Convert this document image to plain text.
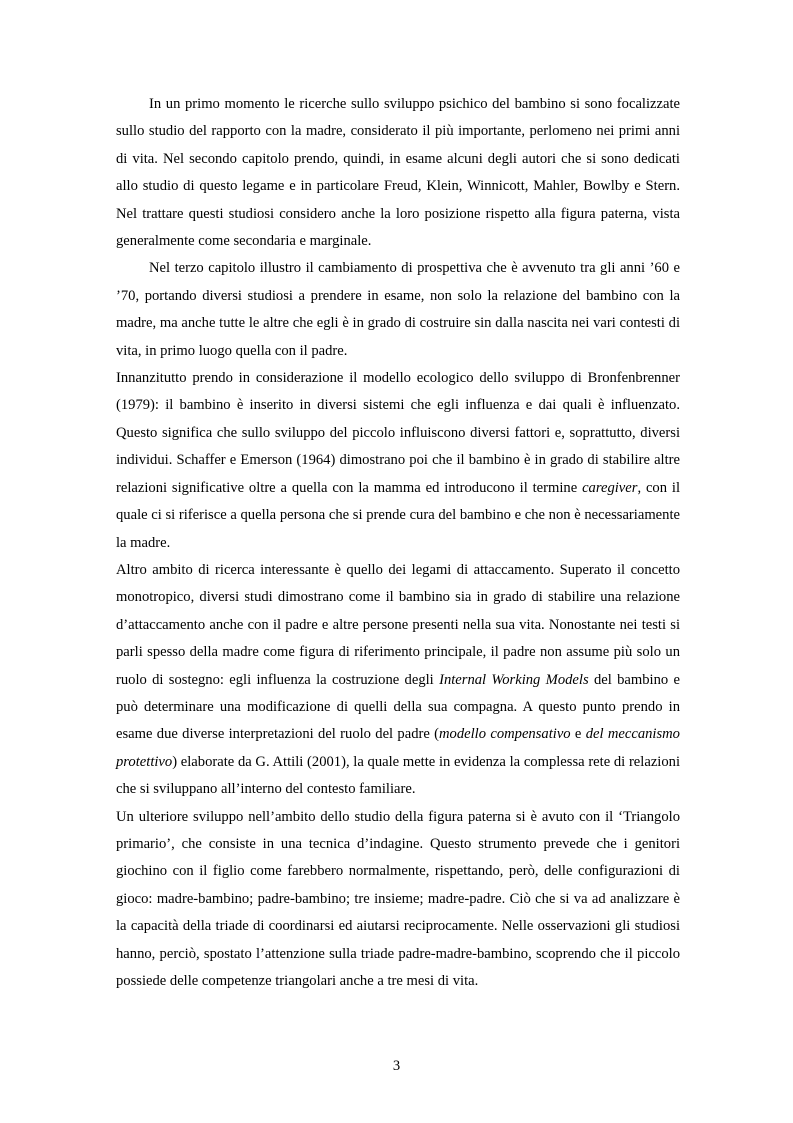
In un primo momento le ricerche sullo sviluppo psichico del bambino si sono focalizzate sullo studio del rapporto con la madre, considerato il più importante, perlomeno nei primi anni di vita. Nel secondo capitolo prendo, quindi, in esame alcuni degli autori che si sono dedicati allo studio di questo legame e in particolare Freud, Klein, Winnicott, Mahler, Bowlby e Stern. Nel trattare questi studiosi considero anche la loro posizione rispetto alla figura paterna, vista generalmente come secondaria e marginale.

Nel terzo capitolo illustro il cambiamento di prospettiva che è avvenuto tra gli anni ’60 e ’70, portando diversi studiosi a prendere in esame, non solo la relazione del bambino con la madre, ma anche tutte le altre che egli è in grado di costruire sin dalla nascita nei vari contesti di vita, in primo luogo quella con il padre.

Innanzitutto prendo in considerazione il modello ecologico dello sviluppo di Bronfenbrenner (1979): il bambino è inserito in diversi sistemi che egli influenza e dai quali è influenzato. Questo significa che sullo sviluppo del piccolo influiscono diversi fattori e, soprattutto, diversi individui. Schaffer e Emerson (1964) dimostrano poi che il bambino è in grado di stabilire altre relazioni significative oltre a quella con la mamma ed introducono il termine caregiver, con il quale ci si riferisce a quella persona che si prende cura del bambino e che non è necessariamente la madre.

Altro ambito di ricerca interessante è quello dei legami di attaccamento. Superato il concetto monotropico, diversi studi dimostrano come il bambino sia in grado di stabilire una relazione d’attaccamento anche con il padre e altre persone presenti nella sua vita. Nonostante nei testi si parli spesso della madre come figura di riferimento principale, il padre non assume più solo un ruolo di sostegno: egli influenza la costruzione degli Internal Working Models del bambino e può determinare una modificazione di quelli della sua compagna. A questo punto prendo in esame due diverse interpretazioni del ruolo del padre (modello compensativo e del meccanismo protettivo) elaborate da G. Attili (2001), la quale mette in evidenza la complessa rete di relazioni che si sviluppano all’interno del contesto familiare.

Un ulteriore sviluppo nell’ambito dello studio della figura paterna si è avuto con il ‘Triangolo primario’, che consiste in una tecnica d’indagine. Questo strumento prevede che i genitori giochino con il figlio come farebbero normalmente, rispettando, però, delle configurazioni di gioco: madre-bambino; padre-bambino; tre insieme; madre-padre. Ciò che si va ad analizzare è la capacità della triade di coordinarsi ed aiutarsi reciprocamente. Nelle osservazioni gli studiosi hanno, perciò, spostato l’attenzione sulla triade padre-madre-bambino, scoprendo che il piccolo possiede delle competenze triangolari anche a tre mesi di vita.

3
